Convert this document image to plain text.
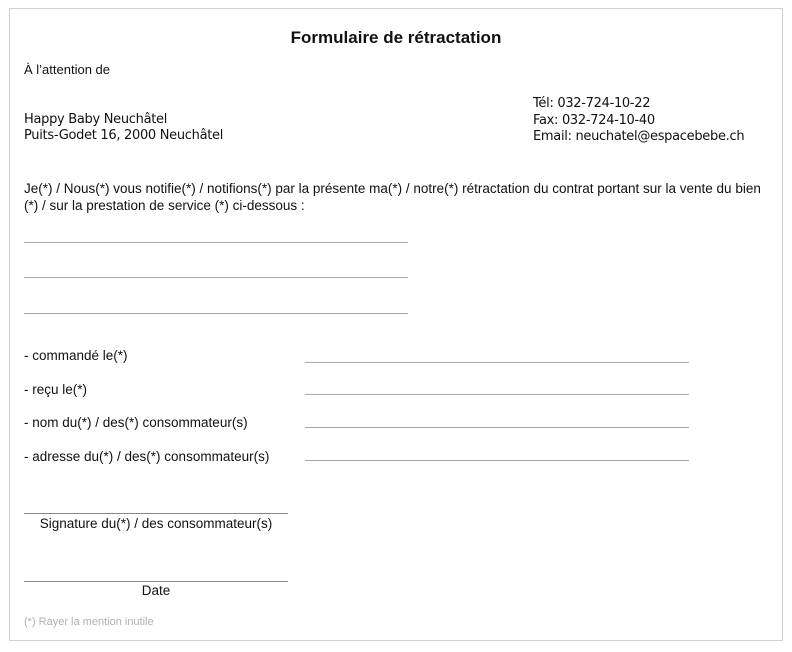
Formulaire de rétractation
À l’attention de
Happy Baby Neuchâtel
Puits-Godet 16, 2000 Neuchâtel
Tél: 032-724-10-22
Fax: 032-724-10-40
Email: neuchatel@espacebebe.ch
Je(*) / Nous(*) vous notifie(*) / notifions(*) par la présente ma(*) / notre(*) rétractation du contrat portant sur la vente du bien (*) / sur la prestation de service (*) ci-dessous :
- commandé le(*)
- reçu le(*)
- nom du(*) / des(*) consommateur(s)
- adresse du(*) / des(*) consommateur(s)
Signature du(*) / des consommateur(s)
Date
(*) Rayer la mention inutile
